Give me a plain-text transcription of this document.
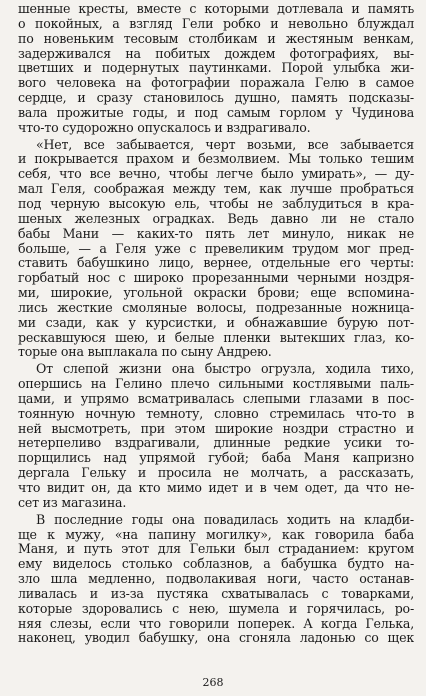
шенные кресты, вместе с которыми дотлевала и память
о покойных, а взгляд Гели робко и невольно блуждал
по новеньким тесовым столбикам и жестяным венкам,
задерживался на побитых дождем фотографиях, вы-
цветших и подернутых паутинками. Порой улыбка жи-
вого человека на фотографии поражала Гелю в самое
сердце, и сразу становилось душно, память подсказы-
вала прожитые годы, и под самым горлом у Чудинова
что-то судорожно опускалось и вздрагивало.
«Нет, все забывается, черт возьми, все забывается
и покрывается прахом и безмолвием. Мы только тешим
себя, что все вечно, чтобы легче было умирать», — ду-
мал Геля, соображая между тем, как лучше пробраться
под черную высокую ель, чтобы не заблудиться в кра-
шеных железных оградках. Ведь давно ли не стало
бабы Мани — каких-то пять лет минуло, никак не
больше, — а Геля уже с превеликим трудом мог пред-
ставить бабушкино лицо, вернее, отдельные его черты:
горбатый нос с широко прорезанными черными ноздря-
ми, широкие, угольной окраски брови; еще вспомина-
лись жесткие смоляные волосы, подрезанные ножница-
ми сзади, как у курсистки, и обнажавшие бурую пот-
рескавшуюся шею, и белые пленки вытекших глаз, ко-
торые она выплакала по сыну Андрею.
От слепой жизни она быстро огрузла, ходила тихо,
опершись на Гелино плечо сильными костлявыми паль-
цами, и упрямо всматривалась слепыми глазами в пос-
тоянную ночную темноту, словно стремилась что-то в
ней высмотреть, при этом широкие ноздри страстно и
нетерпеливо вздрагивали, длинные редкие усики то-
порщились над упрямой губой; баба Маня капризно
дергала Гельку и просила не молчать, а рассказать,
что видит он, да кто мимо идет и в чем одет, да что не-
сет из магазина.
В последние годы она повадилась ходить на кладби-
ще к мужу, «на папину могилку», как говорила баба
Маня, и путь этот для Гельки был страданием: кругом
ему виделось столько соблазнов, а бабушка будто на-
зло шла медленно, подволакивая ноги, часто останав-
ливалась и из-за пустяка схватывалась с товарками,
которые здоровались с нею, шумела и горячилась, ро-
няя слезы, если что говорили поперек. А когда Гелька,
наконец, уводил бабушку, она сгоняла ладонью со щек
268
